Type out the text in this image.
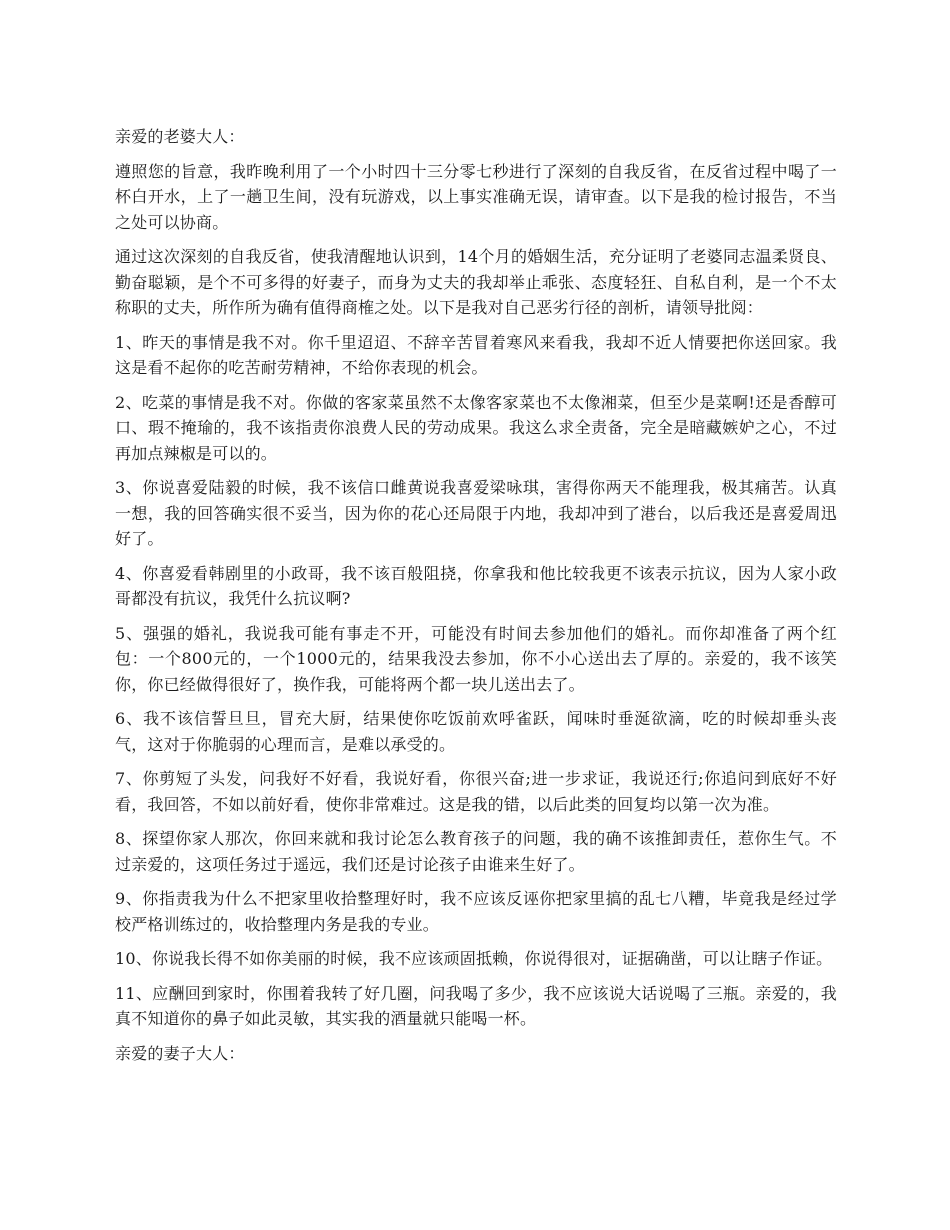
亲爱的老婆大人：

遵照您的旨意，我昨晚利用了一个小时四十三分零七秒进行了深刻的自我反省，在反省过程中喝了一杯白开水，上了一趟卫生间，没有玩游戏，以上事实准确无误，请审查。以下是我的检讨报告，不当之处可以协商。

通过这次深刻的自我反省，使我清醒地认识到，14个月的婚姻生活，充分证明了老婆同志温柔贤良、勤奋聪颖，是个不可多得的好妻子，而身为丈夫的我却举止乖张、态度轻狂、自私自利，是一个不太称职的丈夫，所作所为确有值得商榷之处。以下是我对自己恶劣行径的剖析，请领导批阅：

1、昨天的事情是我不对。你千里迢迢、不辞辛苦冒着寒风来看我，我却不近人情要把你送回家。我这是看不起你的吃苦耐劳精神，不给你表现的机会。

2、吃菜的事情是我不对。你做的客家菜虽然不太像客家菜也不太像湘菜，但至少是菜啊!还是香醇可口、瑕不掩瑜的，我不该指责你浪费人民的劳动成果。我这么求全责备，完全是暗藏嫉妒之心，不过再加点辣椒是可以的。

3、你说喜爱陆毅的时候，我不该信口雌黄说我喜爱梁咏琪，害得你两天不能理我，极其痛苦。认真一想，我的回答确实很不妥当，因为你的花心还局限于内地，我却冲到了港台，以后我还是喜爱周迅好了。

4、你喜爱看韩剧里的小政哥，我不该百般阻挠，你拿我和他比较我更不该表示抗议，因为人家小政哥都没有抗议，我凭什么抗议啊?

5、强强的婚礼，我说我可能有事走不开，可能没有时间去参加他们的婚礼。而你却准备了两个红包：一个800元的，一个1000元的，结果我没去参加，你不小心送出去了厚的。亲爱的，我不该笑你，你已经做得很好了，换作我，可能将两个都一块儿送出去了。

6、我不该信誓旦旦，冒充大厨，结果使你吃饭前欢呼雀跃，闻味时垂涎欲滴，吃的时候却垂头丧气，这对于你脆弱的心理而言，是难以承受的。

7、你剪短了头发，问我好不好看，我说好看，你很兴奋;进一步求证，我说还行;你追问到底好不好看，我回答，不如以前好看，使你非常难过。这是我的错，以后此类的回复均以第一次为准。

8、探望你家人那次，你回来就和我讨论怎么教育孩子的问题，我的确不该推卸责任，惹你生气。不过亲爱的，这项任务过于遥远，我们还是讨论孩子由谁来生好了。

9、你指责我为什么不把家里收拾整理好时，我不应该反诬你把家里搞的乱七八糟，毕竟我是经过学校严格训练过的，收拾整理内务是我的专业。

10、你说我长得不如你美丽的时候，我不应该顽固抵赖，你说得很对，证据确凿，可以让瞎子作证。

11、应酬回到家时，你围着我转了好几圈，问我喝了多少，我不应该说大话说喝了三瓶。亲爱的，我真不知道你的鼻子如此灵敏，其实我的酒量就只能喝一杯。

亲爱的妻子大人：
